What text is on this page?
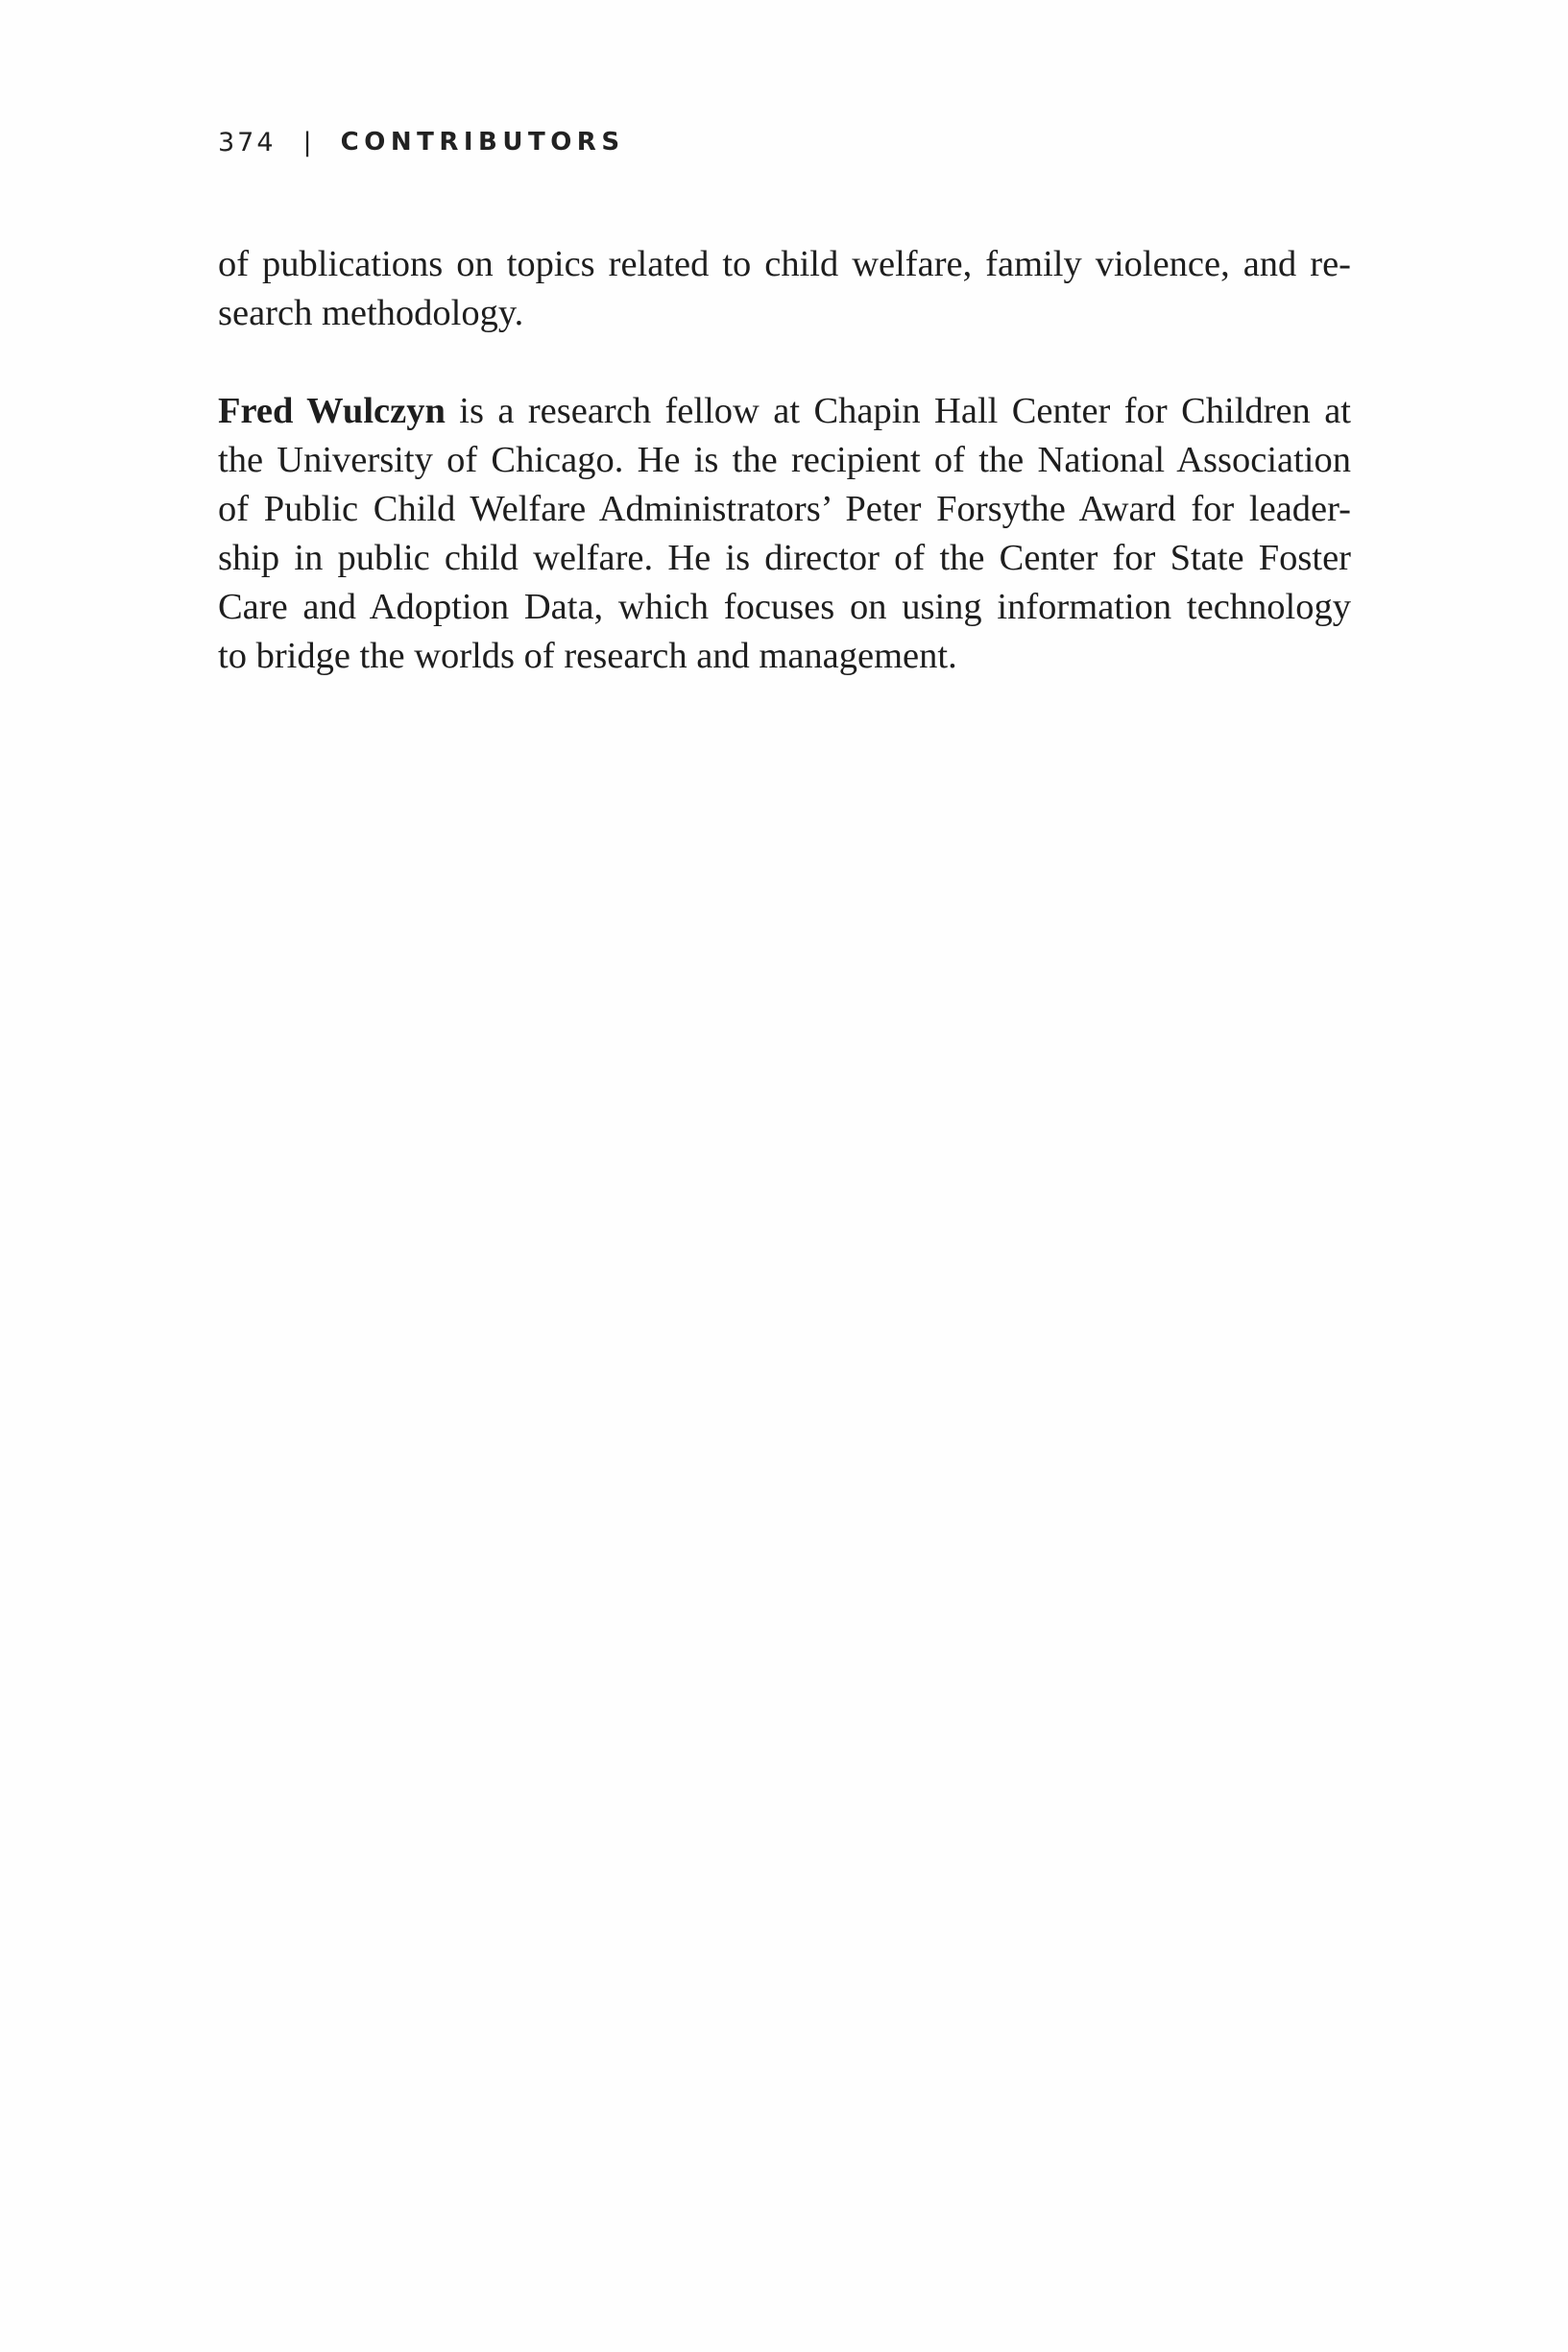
374 | CONTRIBUTORS

of publications on topics related to child welfare, family violence, and re-
search methodology.

Fred Wulczyn is a research fellow at Chapin Hall Center for Children at
the University of Chicago. He is the recipient of the National Association
of Public Child Welfare Administrators’ Peter Forsythe Award for leader-
ship in public child welfare. He is director of the Center for State Foster
Care and Adoption Data, which focuses on using information technology
to bridge the worlds of research and management.
